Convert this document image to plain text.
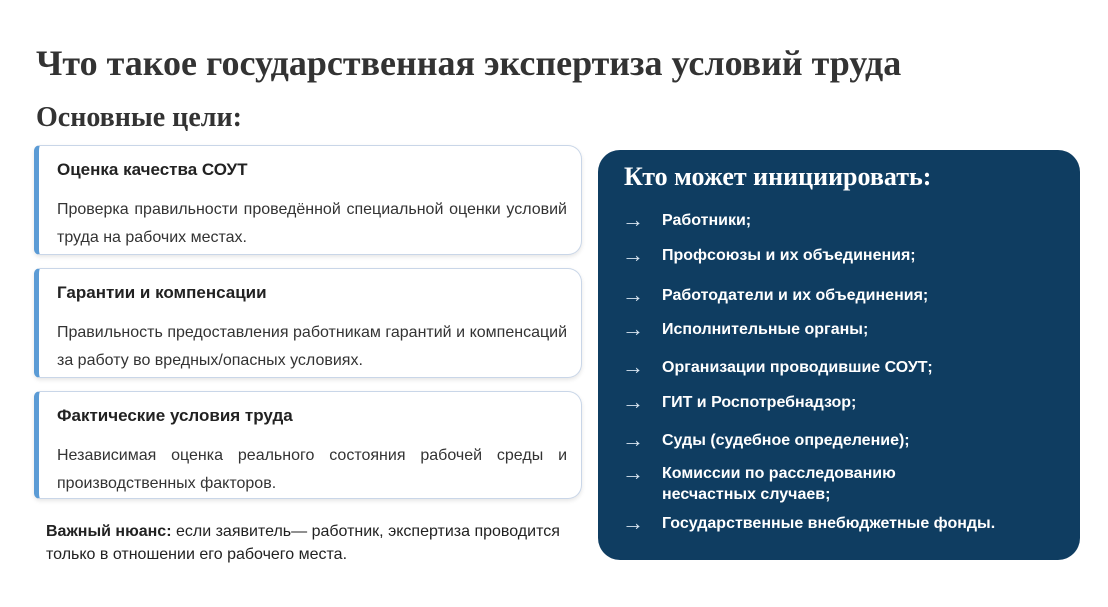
Что такое государственная экспертиза условий труда
Основные цели:
Оценка качества СОУТ

Проверка правильности проведённой специальной оценки условий труда на рабочих местах.

Гарантии и компенсации

Правильность предоставления работникам гарантий и компенсаций за работу во вредных/опасных условиях.

Фактические условия труда

Независимая оценка реального состояния рабочей среды и производственных факторов.

Важный нюанс: если заявитель— работник, экспертиза проводится только в отношении его рабочего места.
Кто может инициировать:
→	Работники;
→	Профсоюзы и их объединения;
→	Работодатели и их объединения;
→	Исполнительные органы;
→	Организации проводившие СОУТ;
→	ГИТ и Роспотребнадзор;
→	Суды (судебное определение);
→	Комиссии по расследованию
несчастных случаев;
→	Государственные внебюджетные фонды.
